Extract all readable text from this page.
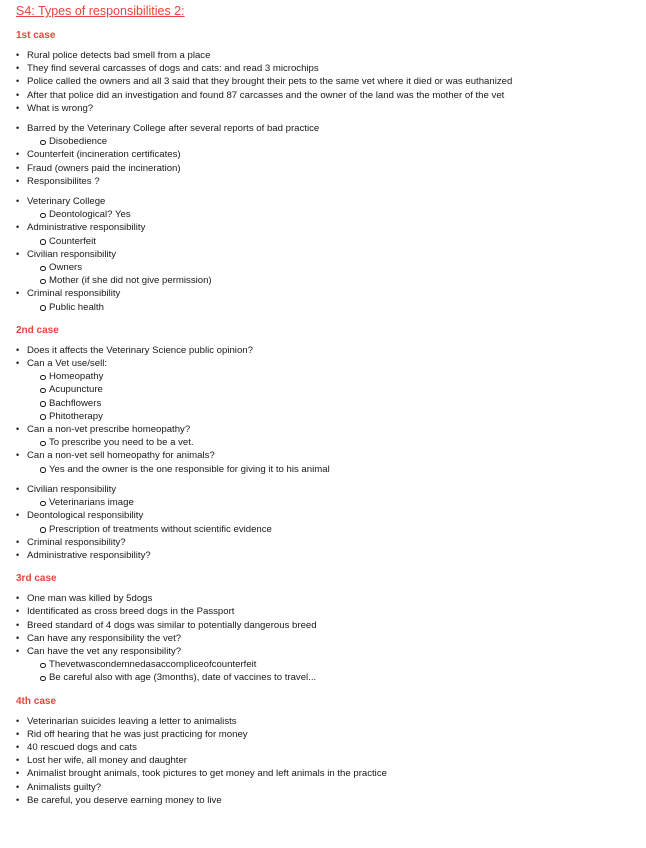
S4: Types of responsibilities 2:
1st case
• Rural police detects bad smell from a place
• They find several carcasses of dogs and cats: and read 3 microchips
• Police called the owners and all 3 said that they brought their pets to the same vet where it died or was euthanized
• After that police did an investigation and found 87 carcasses and the owner of the land was the mother of the vet
• What is wrong?
• Barred by the Veterinary College after several reports of bad practice
Disobedience
• Counterfeit (incineration certificates)
• Fraud (owners paid the incineration)
• Responsibilites ?
• Veterinary College
Deontological? Yes
• Administrative responsibility
Counterfeit
• Civilian responsibility
Owners
Mother (if she did not give permission)
• Criminal responsibility
Public health
2nd case
• Does it affects the Veterinary Science public opinion?
• Can a Vet use/sell:
Homeopathy
Acupuncture
Bachflowers
Phitotherapy
• Can a non-vet prescribe homeopathy?
To prescribe you need to be a vet.
• Can a non-vet sell homeopathy for animals?
Yes and the owner is the one responsible for giving it to his animal
• Civilian responsibility
Veterinarians image
• Deontological responsibility
Prescription of treatments without scientific evidence
• Criminal responsibility?
• Administrative responsibility?
3rd case
• One man was killed by 5dogs
• Identificated as cross breed dogs in the Passport
• Breed standard of 4 dogs was similar to potentially dangerous breed
• Can have any responsibility the vet?
• Can have the vet any responsibility?
Thevetwascondemnedasaccompliceofcounterfeit
Be careful also with age (3months), date of vaccines to travel...
4th case
• Veterinarian suicides leaving a letter to animalists
• Rid off hearing that he was just practicing for money
• 40 rescued dogs and cats
• Lost her wife, all money and daughter
• Animalist brought animals, took pictures to get money and left animals in the practice
• Animalists guilty?
• Be careful, you deserve earning money to live
